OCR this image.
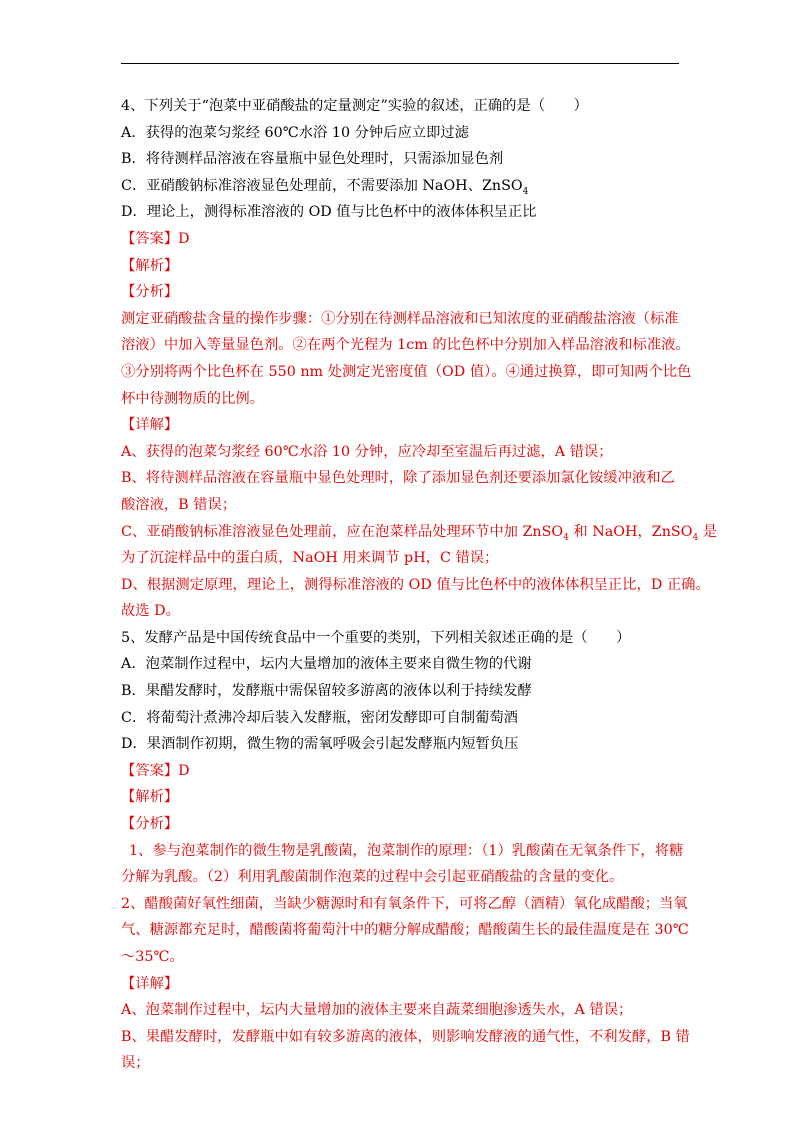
4、下列关于“泡菜中亚硝酸盐的定量测定”实验的叙述，正确的是（　　）
A．获得的泡菜匀浆经 60℃水浴 10 分钟后应立即过滤
B．将待测样品溶液在容量瓶中显色处理时，只需添加显色剂
C．亚硝酸钠标准溶液显色处理前，不需要添加 NaOH、ZnSO$_4$
D．理论上，测得标准溶液的 OD 值与比色杯中的液体体积呈正比
【答案】D
【解析】
【分析】
测定亚硝酸盐含量的操作步骤：①分别在待测样品溶液和已知浓度的亚硝酸盐溶液（标准
溶液）中加入等量显色剂。②在两个光程为 1cm 的比色杯中分别加入样品溶液和标准液。
③分别将两个比色杯在 550 nm 处测定光密度值（OD 值）。④通过换算，即可知两个比色
杯中待测物质的比例。
【详解】
A、获得的泡菜匀浆经 60℃水浴 10 分钟，应冷却至室温后再过滤，A 错误；
B、将待测样品溶液在容量瓶中显色处理时，除了添加显色剂还要添加氯化铵缓冲液和乙
酸溶液，B 错误；
C、亚硝酸钠标准溶液显色处理前，应在泡菜样品处理环节中加 ZnSO$_4$ 和 NaOH，ZnSO$_4$ 是
为了沉淀样品中的蛋白质，NaOH 用来调节 pH，C 错误；
D、根据测定原理，理论上，测得标准溶液的 OD 值与比色杯中的液体体积呈正比，D 正确。
故选 D。
5、发酵产品是中国传统食品中一个重要的类别，下列相关叙述正确的是（　　）
A．泡菜制作过程中，坛内大量增加的液体主要来自微生物的代谢
B．果醋发酵时，发酵瓶中需保留较多游离的液体以利于持续发酵
C．将葡萄汁煮沸冷却后装入发酵瓶，密闭发酵即可自制葡萄酒
D．果酒制作初期，微生物的需氧呼吸会引起发酵瓶内短暂负压
【答案】D
【解析】
【分析】
1、参与泡菜制作的微生物是乳酸菌，泡菜制作的原理：（1）乳酸菌在无氧条件下，将糖
分解为乳酸。（2）利用乳酸菌制作泡菜的过程中会引起亚硝酸盐的含量的变化。
2、醋酸菌好氧性细菌，当缺少糖源时和有氧条件下，可将乙醇（酒精）氧化成醋酸；当氧
气、糖源都充足时，醋酸菌将葡萄汁中的糖分解成醋酸；醋酸菌生长的最佳温度是在 30℃
～35℃。
【详解】
A、泡菜制作过程中，坛内大量增加的液体主要来自蔬菜细胞渗透失水，A 错误；
B、果醋发酵时，发酵瓶中如有较多游离的液体，则影响发酵液的通气性，不利发酵，B 错
误；
